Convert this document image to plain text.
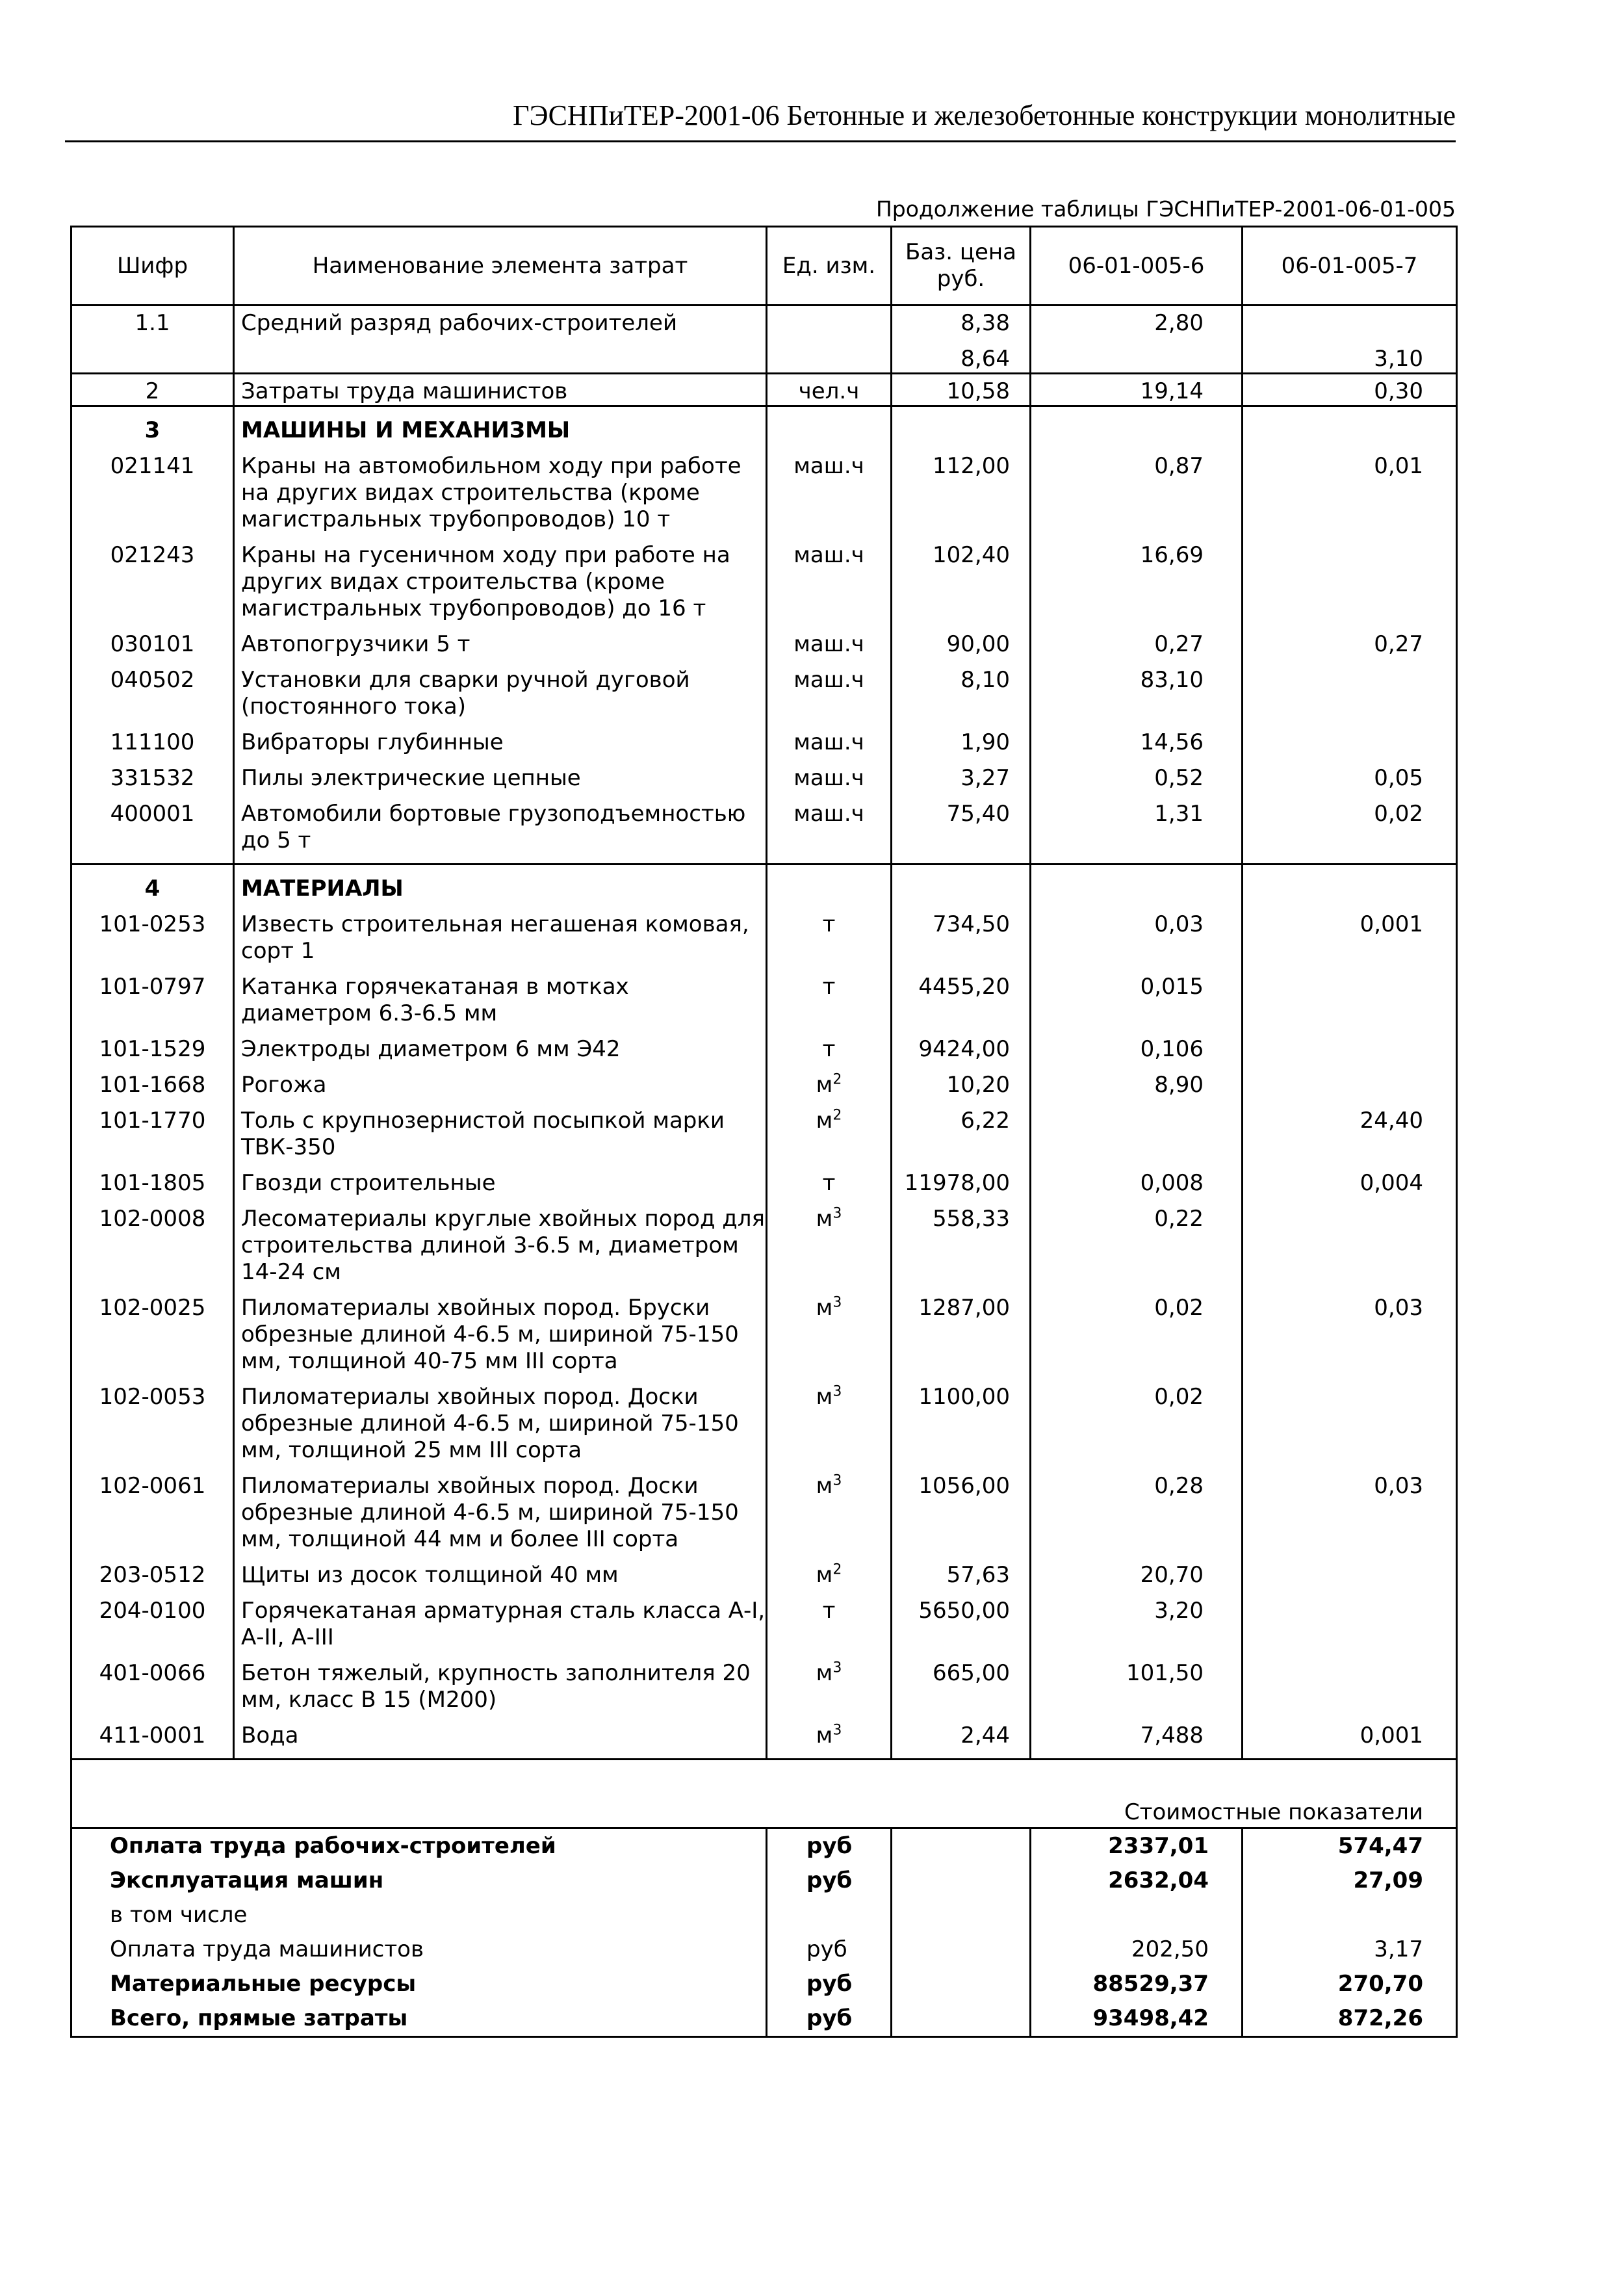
ГЭСНПиТЕР-2001-06 Бетонные и железобетонные конструкции монолитные
Продолжение таблицы ГЭСНПиТЕР-2001-06-01-005
Шифр	Наименование элемента затрат	Ед. изм.	Баз. цена
руб.	06-01-005-6	06-01-005-7
1.1	Средний разряд рабочих-строителей		8,38	2,80	
			8,64		3,10
2	Затраты труда машинистов	чел.ч	10,58	19,14	0,30
3	МАШИНЫ И МЕХАНИЗМЫ				
021141	Краны на автомобильном ходу при работе на других видах строительства (кроме магистральных трубопроводов) 10 т	маш.ч	112,00	0,87	0,01
021243	Краны на гусеничном ходу при работе на других видах строительства (кроме магистральных трубопроводов) до 16 т	маш.ч	102,40	16,69	
030101	Автопогрузчики 5 т	маш.ч	90,00	0,27	0,27
040502	Установки для сварки ручной дуговой (постоянного тока)	маш.ч	8,10	83,10	
111100	Вибраторы глубинные	маш.ч	1,90	14,56	
331532	Пилы электрические цепные	маш.ч	3,27	0,52	0,05
400001	Автомобили бортовые грузоподъемностью до 5 т	маш.ч	75,40	1,31	0,02
4	МАТЕРИАЛЫ				
101-0253	Известь строительная негашеная комовая, сорт 1	т	734,50	0,03	0,001
101-0797	Катанка горячекатаная в мотках диаметром 6.3-6.5 мм	т	4455,20	0,015	
101-1529	Электроды диаметром 6 мм Э42	т	9424,00	0,106	
101-1668	Рогожа	$м^2$	10,20	8,90	
101-1770	Толь с крупнозернистой посыпкой марки ТВК-350	$м^2$	6,22		24,40
101-1805	Гвозди строительные	т	11978,00	0,008	0,004
102-0008	Лесоматериалы круглые хвойных пород для строительства длиной 3-6.5 м, диаметром 14-24 см	$м^3$	558,33	0,22	
102-0025	Пиломатериалы хвойных пород. Бруски обрезные длиной 4-6.5 м, шириной 75-150 мм, толщиной 40-75 мм III сорта	$м^3$	1287,00	0,02	0,03
102-0053	Пиломатериалы хвойных пород. Доски обрезные длиной 4-6.5 м, шириной 75-150 мм, толщиной 25 мм III сорта	$м^3$	1100,00	0,02	
102-0061	Пиломатериалы хвойных пород. Доски обрезные длиной 4-6.5 м, шириной 75-150 мм, толщиной 44 мм и более III сорта	$м^3$	1056,00	0,28	0,03
203-0512	Щиты из досок толщиной 40 мм	$м^2$	57,63	20,70	
204-0100	Горячекатаная арматурная сталь класса А-I, А-II, А-III	т	5650,00	3,20	
401-0066	Бетон тяжелый, крупность заполнителя 20 мм, класс В 15 (М200)	$м^3$	665,00	101,50	
411-0001	Вода	$м^3$	2,44	7,488	0,001
Стоимостные показатели					
Оплата труда рабочих-строителей		руб		2337,01	574,47
Эксплуатация машин		руб		2632,04	27,09
в том числе					
Оплата труда машинистов		руб		202,50	3,17
Материальные ресурсы		руб		88529,37	270,70
Всего, прямые затраты		руб		93498,42	872,26
